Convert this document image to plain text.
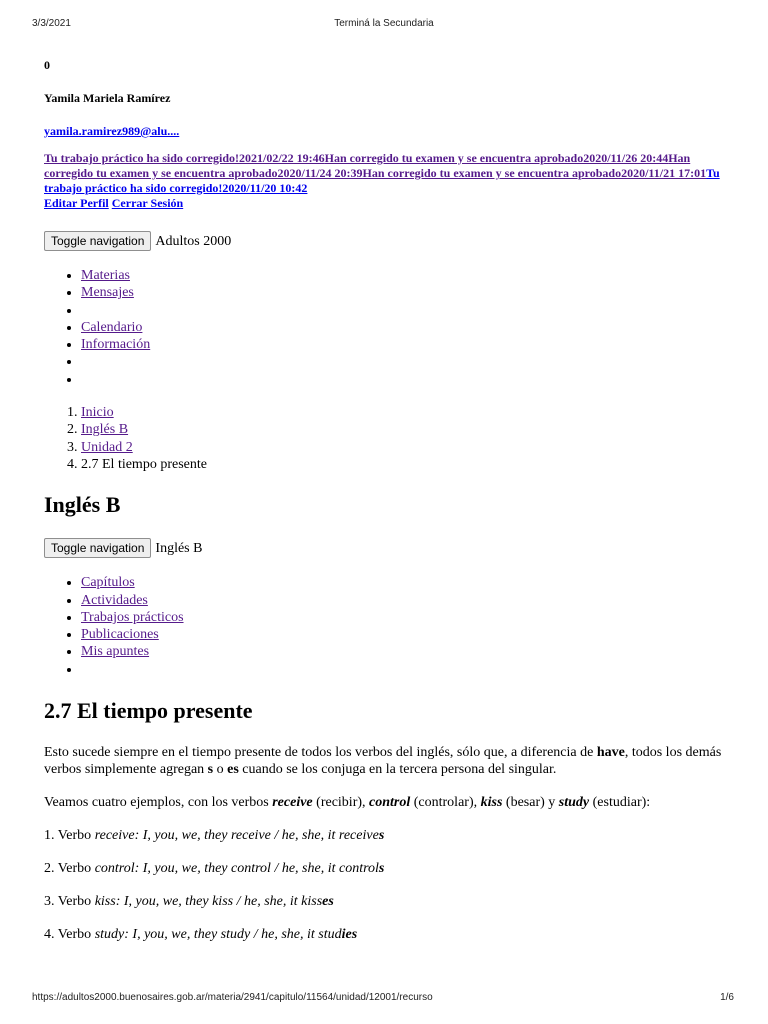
3/3/2021	Terminá la Secundaria
0
Yamila Mariela Ramírez
yamila.ramirez989@alu....
Tu trabajo práctico ha sido corregido!2021/02/22 19:46Han corregido tu examen y se encuentra aprobado2020/11/26 20:44Han corregido tu examen y se encuentra aprobado2020/11/24 20:39Han corregido tu examen y se encuentra aprobado2020/11/21 17:01Tu trabajo práctico ha sido corregido!2020/11/20 10:42
Editar Perfil Cerrar Sesión
Toggle navigation Adultos 2000
• Materias
• Mensajes
•
• Calendario
• Información
•
•
1. Inicio
2. Inglés B
3. Unidad 2
4. 2.7 El tiempo presente
Inglés B
Toggle navigation Inglés B
• Capítulos
• Actividades
• Trabajos prácticos
• Publicaciones
• Mis apuntes
•
2.7 El tiempo presente

Esto sucede siempre en el tiempo presente de todos los verbos del inglés, sólo que, a diferencia de have, todos los demás verbos simplemente agregan s o es cuando se los conjuga en la tercera persona del singular.

Veamos cuatro ejemplos, con los verbos receive (recibir), control (controlar), kiss (besar) y study (estudiar):

1. Verbo receive: I, you, we, they receive / he, she, it receives

2. Verbo control: I, you, we, they control / he, she, it controls

3. Verbo kiss: I, you, we, they kiss / he, she, it kisses

4. Verbo study: I, you, we, they study / he, she, it studies

https://adultos2000.buenosaires.gob.ar/materia/2941/capitulo/11564/unidad/12001/recurso	1/6
